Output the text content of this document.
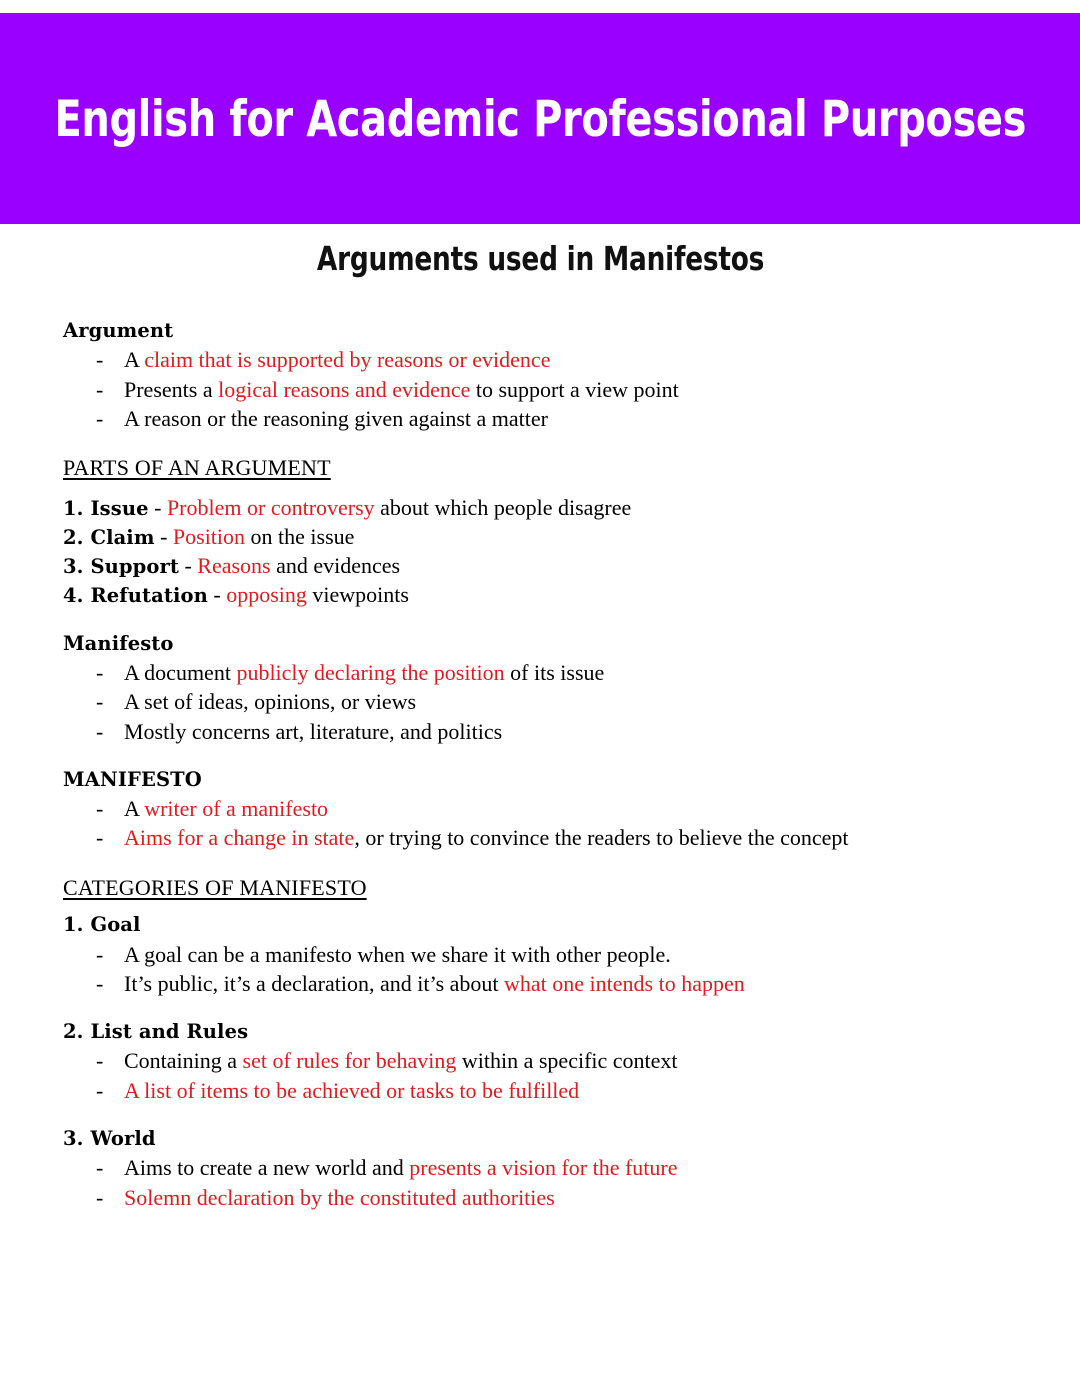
English for Academic Professional Purposes
Arguments used in Manifestos
Argument
- A claim that is supported by reasons or evidence
- Presents a logical reasons and evidence to support a view point
- A reason or the reasoning given against a matter
PARTS OF AN ARGUMENT

1. Issue - Problem or controversy about which people disagree

2. Claim - Position on the issue

3. Support - Reasons and evidences

4. Refutation - opposing viewpoints

Manifesto
- A document publicly declaring the position of its issue
- A set of ideas, opinions, or views
- Mostly concerns art, literature, and politics
MANIFESTO
- A writer of a manifesto
- Aims for a change in state, or trying to convince the readers to believe the concept
CATEGORIES OF MANIFESTO
1. Goal
- A goal can be a manifesto when we share it with other people.
- It’s public, it’s a declaration, and it’s about what one intends to happen
2. List and Rules
- Containing a set of rules for behaving within a specific context
- A list of items to be achieved or tasks to be fulfilled
3. World
- Aims to create a new world and presents a vision for the future
- Solemn declaration by the constituted authorities
